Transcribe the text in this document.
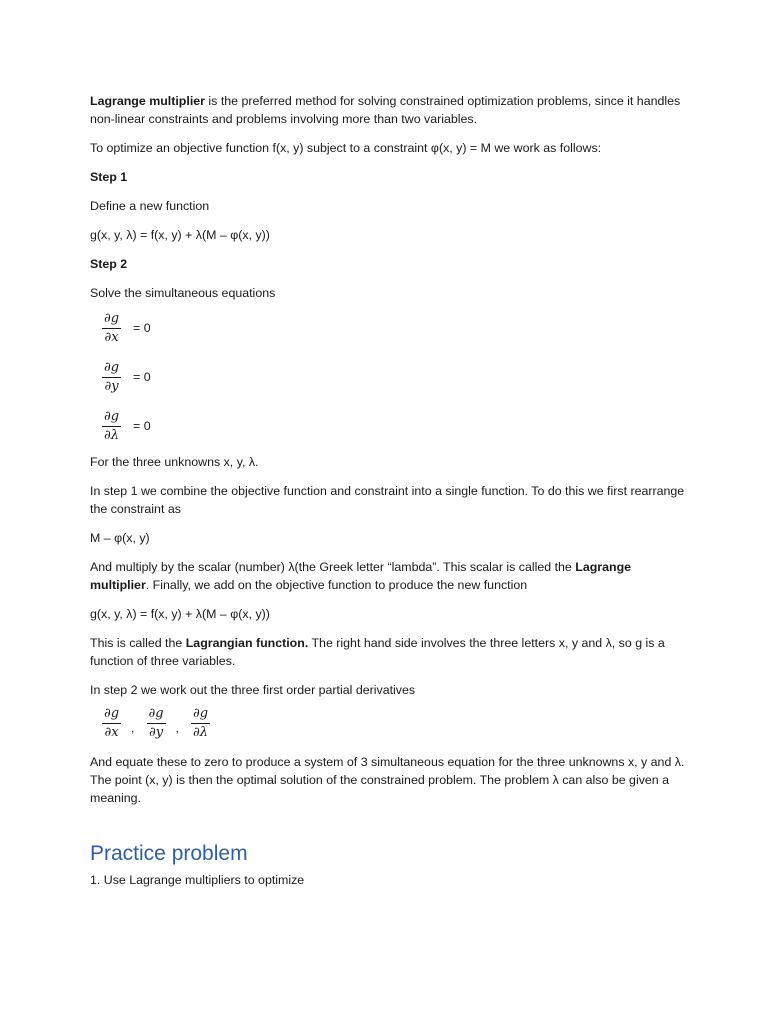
Lagrange multiplier is the preferred method for solving constrained optimization problems, since it handles non-linear constraints and problems involving more than two variables.

To optimize an objective function f(x, y) subject to a constraint φ(x, y) = M we work as follows:

Step 1

Define a new function

g(x, y, λ) = f(x, y) + λ(M – φ(x, y))

Step 2

Solve the simultaneous equations

$\frac{\partial g}{\partial x} = 0$
$\frac{\partial g}{\partial y} = 0$
$\frac{\partial g}{\partial\lambda} = 0$

For the three unknowns x, y, λ.

In step 1 we combine the objective function and constraint into a single function. To do this we first rearrange the constraint as

M – φ(x, y)

And multiply by the scalar (number) λ(the Greek letter “lambda”. This scalar is called the Lagrange multiplier. Finally, we add on the objective function to produce the new function

g(x, y, λ) = f(x, y) + λ(M – φ(x, y))

This is called the Lagrangian function. The right hand side involves the three letters x, y and λ, so g is a function of three variables.

In step 2 we work out the three first order partial derivatives

$\frac{\partial g}{\partial x}$ , $\frac{\partial g}{\partial y}$ , $\frac{\partial g}{\partial\lambda}$

And equate these to zero to produce a system of 3 simultaneous equation for the three unknowns x, y and λ. The point (x, y) is then the optimal solution of the constrained problem. The problem λ can also be given a meaning.

Practice problem

1. Use Lagrange multipliers to optimize
